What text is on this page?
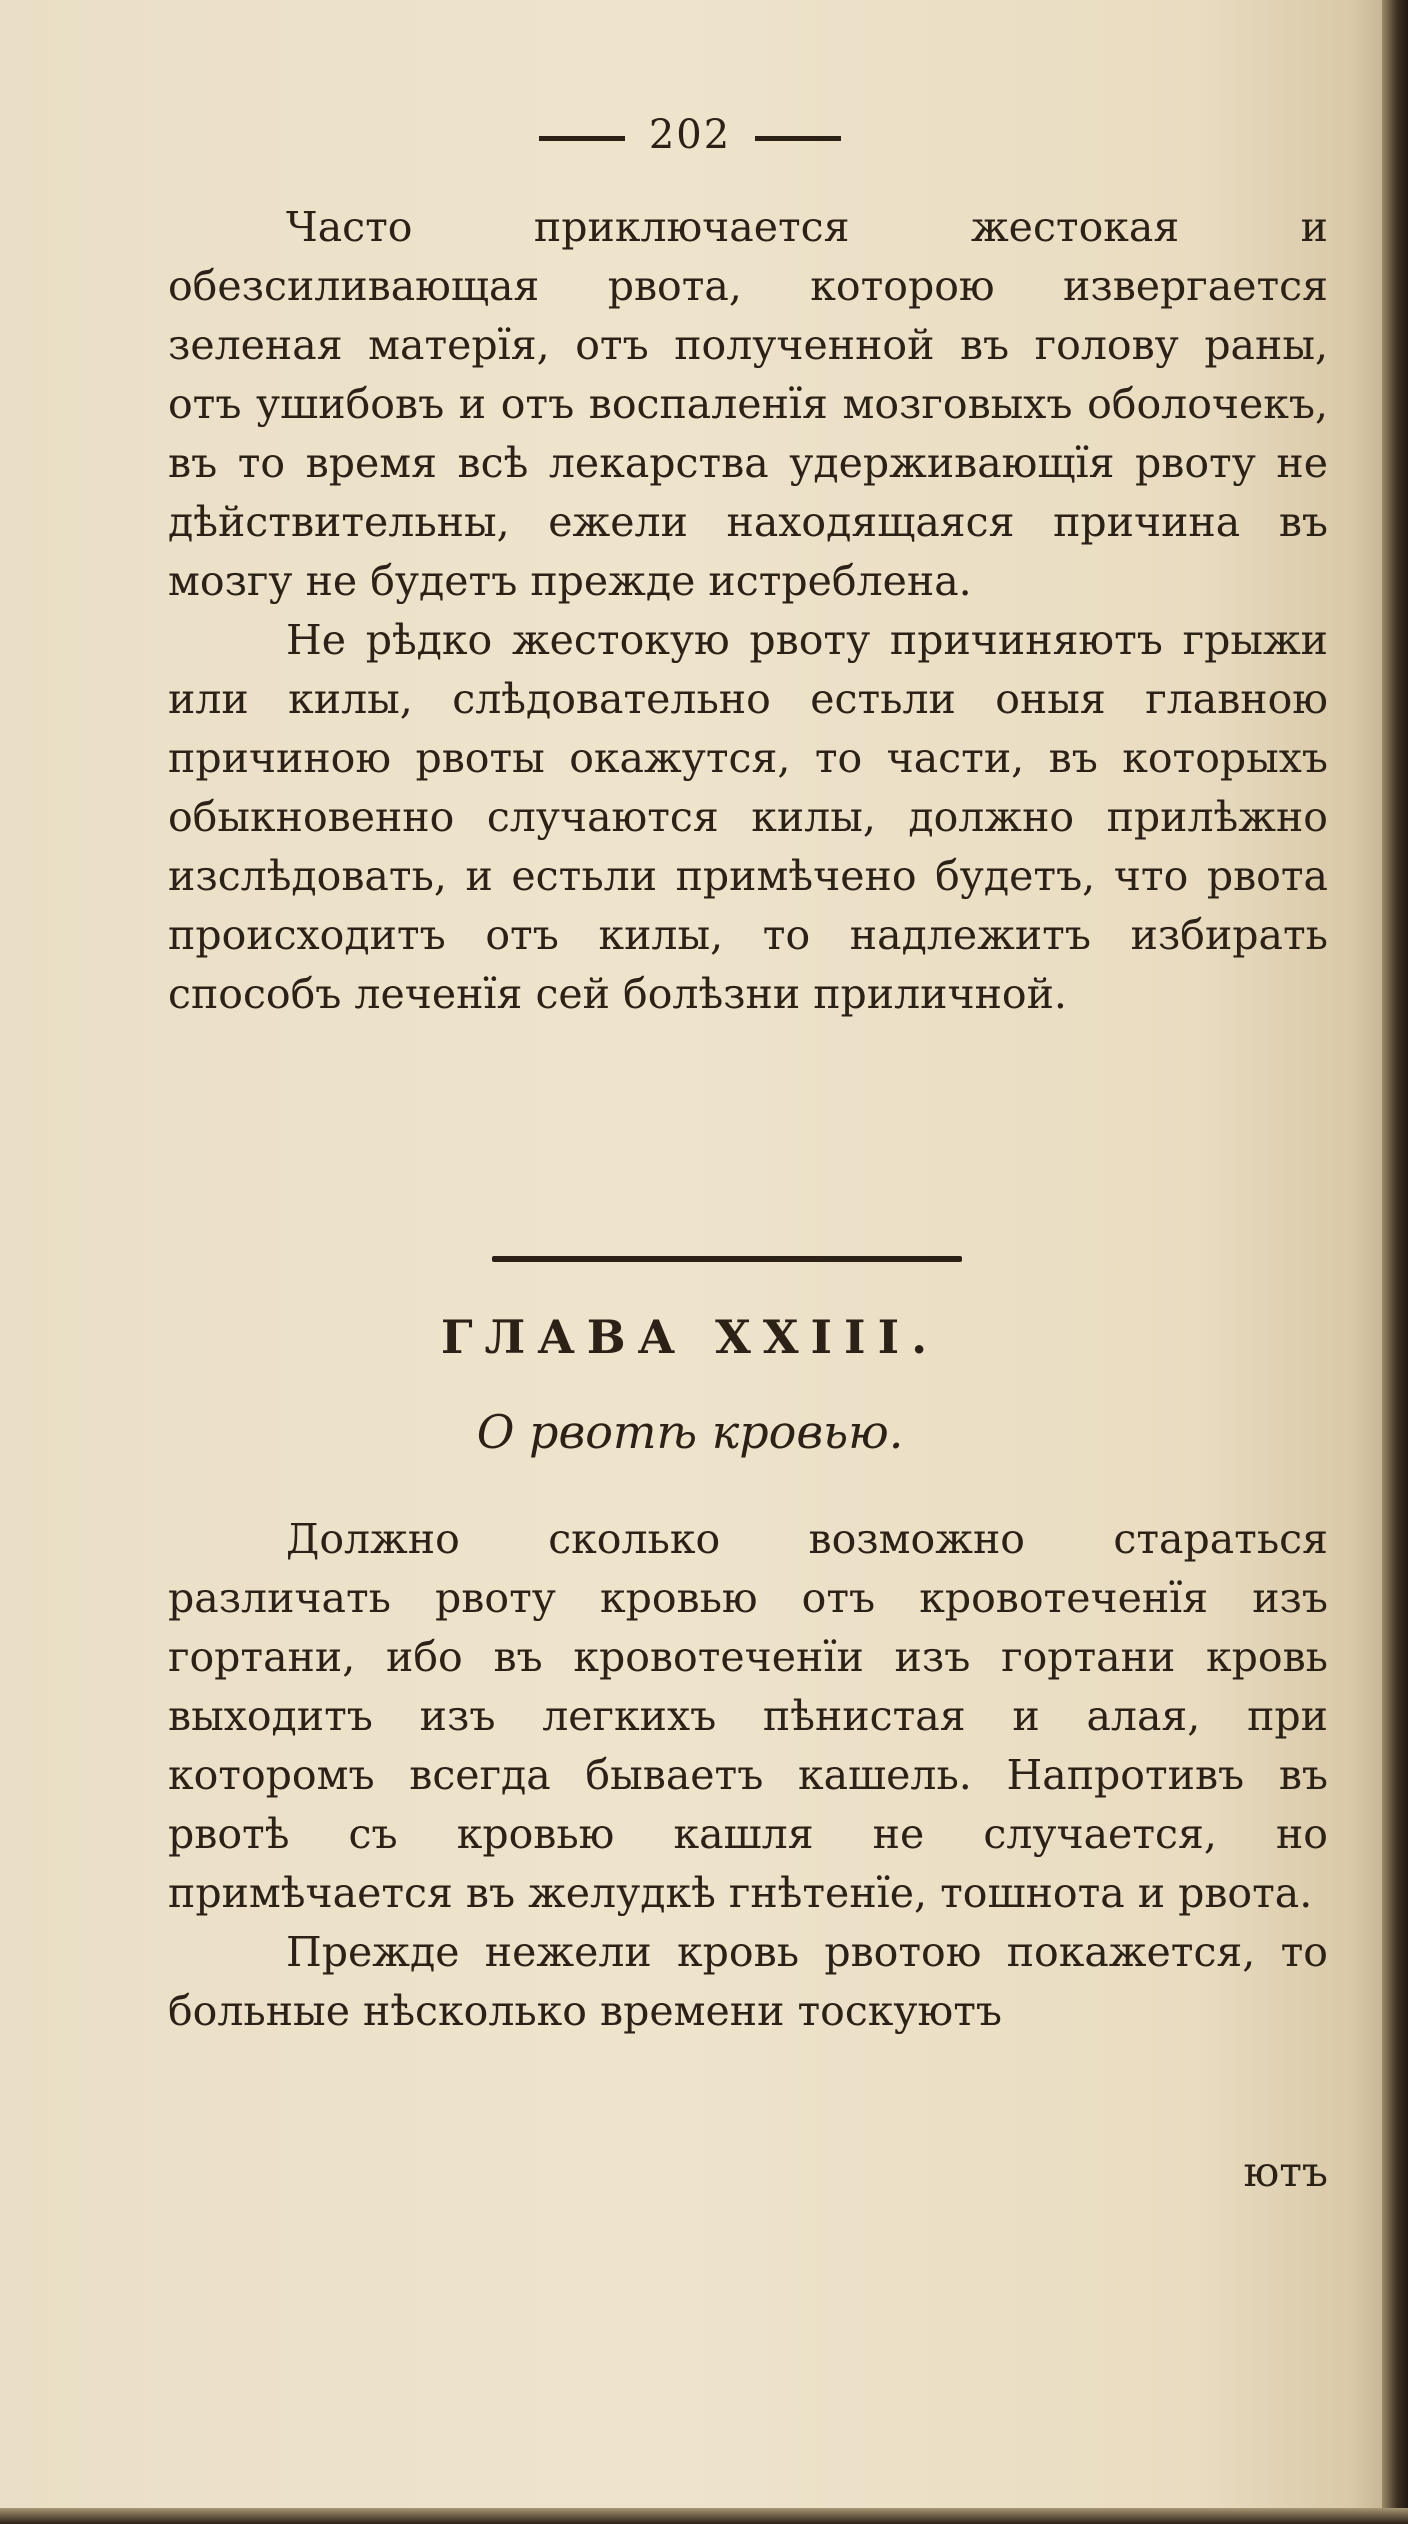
202

Часто приключается жестокая и обезсиливающая рвота, которою извергается зеленая матерїя, отъ полученной въ голову раны, отъ ушибовъ и отъ воспаленїя мозговыхъ оболочекъ, въ то время всѣ лекарства удерживающїя рвоту не дѣйствительны, ежели находящаяся причина въ мозгу не будетъ прежде истреблена.

Не рѣдко жестокую рвоту причиняютъ грыжи или килы, слѣдовательно естьли оныя главною причиною рвоты окажутся, то части, въ которыхъ обыкновенно случаются килы, должно прилѣжно изслѣдовать, и естьли примѣчено будетъ, что рвота происходитъ отъ килы, то надлежитъ избирать способъ леченїя сей болѣзни приличной.

ГЛАВА XXIII.
О рвотѣ кровью.

Должно сколько возможно стараться различать рвоту кровью отъ кровотеченїя изъ гортани, ибо въ кровотеченїи изъ гортани кровь выходитъ изъ легкихъ пѣнистая и алая, при которомъ всегда бываетъ кашель. Напротивъ въ рвотѣ съ кровью кашля не случается, но примѣчается въ желудкѣ гнѣтенїе, тошнота и рвота.

Прежде нежели кровь рвотою покажется, то больные нѣсколько времени тоскуютъ

ютъ
